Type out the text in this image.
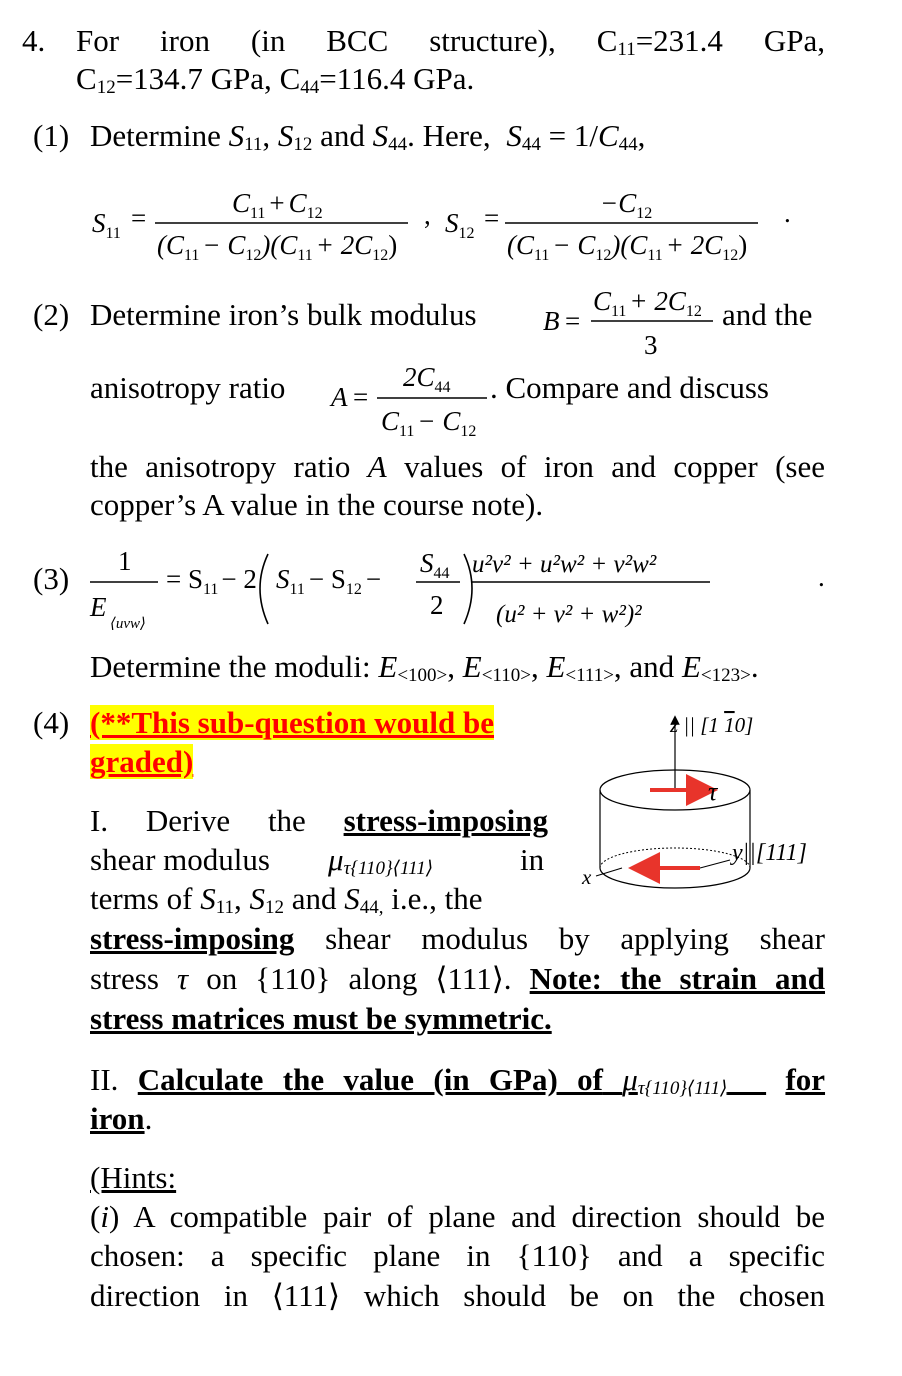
4. For iron (in BCC structure), $C_{11}=231.4$ GPa,
$C_{12}=134.7$ GPa, $C_{44}=116.4$ GPa.
(1) Determine $S_{11}$, $S_{12}$ and $S_{44}$. Here, $S_{44} = 1/C_{44}$,
$S_{11}$
=	$C_{11} + C_{12}$
$(C_{11} - C_{12})(C_{11} + 2C_{12})$
, $S_{12}$
=	$-C_{12}$
$(C_{11} - C_{12})(C_{11} + 2C_{12})$
.
(2) Determine iron’s bulk modulus B =
$C_{11} + 2C_{12}$
3
and the
anisotropy ratio A =
$2C_{44}$
$C_{11} - C_{12}$
. Compare and discuss
the anisotropy ratio A values of iron and copper (see
copper’s A value in the course note).
(3) 1
E
⟨uvw⟩
= $S_{11} - 2$ $S_{11} - S_{12}$ −
$S_{44}$
2
u²v² + u²w² + v²w²
(u² + v² + w²)²
.
Determine the moduli: $E_{<100>}$, $E_{<110>}$, $E_{<111>}$, and $E_{<123>}$.
(4) (**This sub-question would be
graded)
I. Derive the stress-imposing
shear modulus $\mu_{\tau\{110\}⟨111⟩}$	in
terms of $S_{11}$, $S_{12}$ and $S_{44,}$ i.e., the
stress-imposing shear modulus by applying shear
stress τ on {110} along ⟨111⟩. Note: the strain and
stress matrices must be symmetric.
II. Calculate the value (in GPa) of $\mu_{\tau\{110\}⟨111⟩}$ for
iron.
(Hints:
(i) A compatible pair of plane and direction should be
chosen: a specific plane in {110} and a specific
direction in ⟨111⟩ which should be on the chosen
z || [1 10]
τ
x
y||[111]
